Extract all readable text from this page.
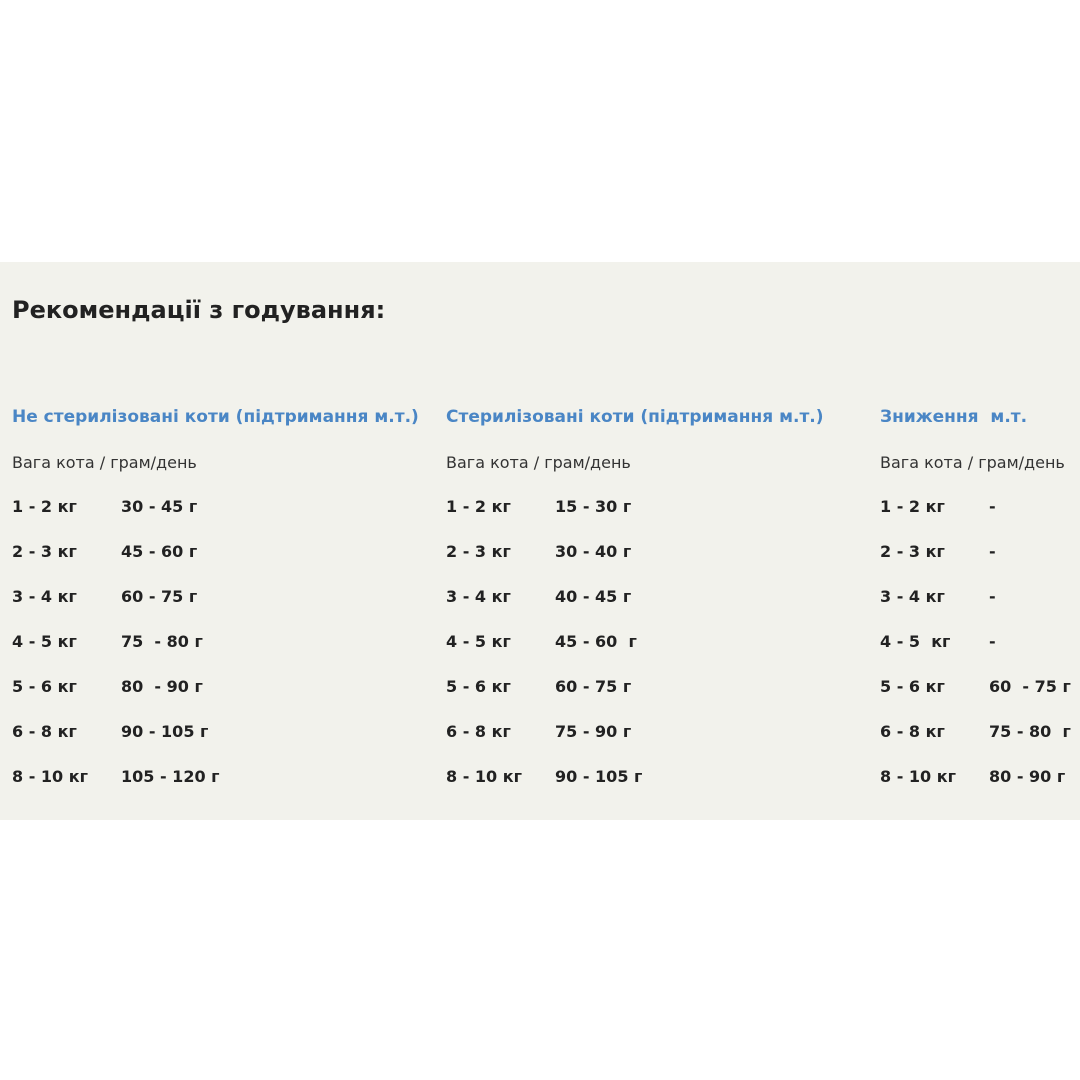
Рекомендації з годування:
Не стерилізовані коти (підтримання м.т.)
Вага кота / грам/день
1 - 2 кг	30 - 45 г
2 - 3 кг	45 - 60 г
3 - 4 кг	60 - 75 г
4 - 5 кг	75  - 80 г
5 - 6 кг	80  - 90 г
6 - 8 кг	90 - 105 г
8 - 10 кг 105 - 120 г
Стерилізовані коти (підтримання м.т.)
Вага кота / грам/день
1 - 2 кг	15 - 30 г
2 - 3 кг	30 - 40 г
3 - 4 кг	40 - 45 г
4 - 5 кг	45 - 60  г
5 - 6 кг	60 - 75 г
6 - 8 кг	75 - 90 г
8 - 10 кг 90 - 105 г
Зниження  м.т.
Вага кота / грам/день
1 - 2 кг	-
2 - 3 кг	-
3 - 4 кг	-
4 - 5  кг -
5 - 6 кг	60  - 75 г
6 - 8 кг	75 - 80  г
8 - 10 кг 80 - 90 г
